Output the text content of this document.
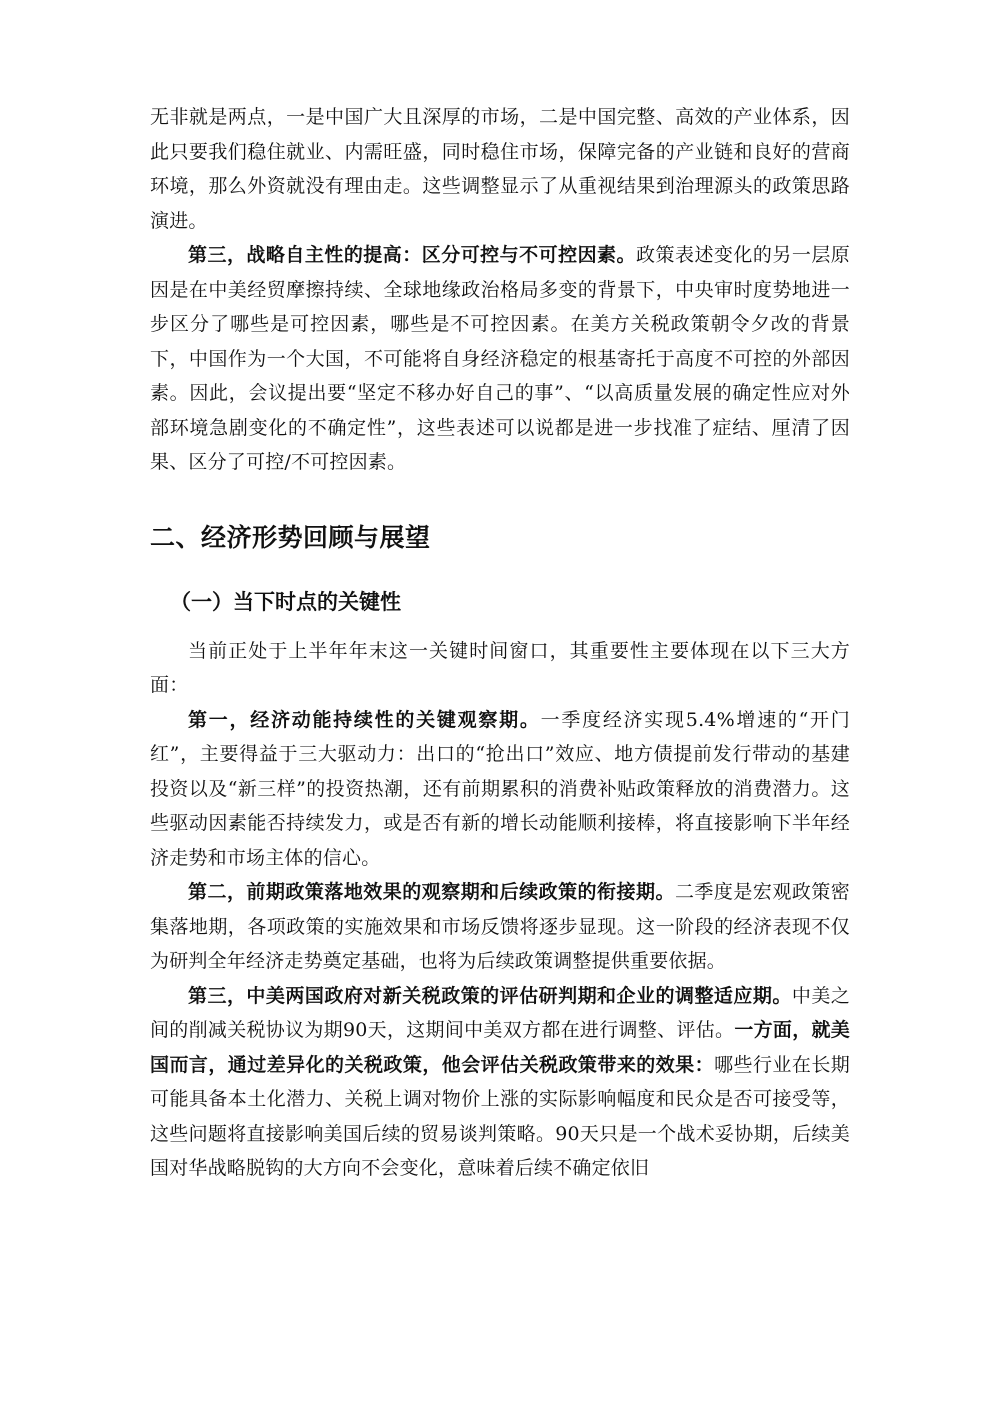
无非就是两点，一是中国广大且深厚的市场，二是中国完整、高效的产业体系，因此只要我们稳住就业、内需旺盛，同时稳住市场，保障完备的产业链和良好的营商环境，那么外资就没有理由走。这些调整显示了从重视结果到治理源头的政策思路演进。

第三，战略自主性的提高：区分可控与不可控因素。政策表述变化的另一层原因是在中美经贸摩擦持续、全球地缘政治格局多变的背景下，中央审时度势地进一步区分了哪些是可控因素，哪些是不可控因素。在美方关税政策朝令夕改的背景下，中国作为一个大国，不可能将自身经济稳定的根基寄托于高度不可控的外部因素。因此，会议提出要“坚定不移办好自己的事”、“以高质量发展的确定性应对外部环境急剧变化的不确定性”，这些表述可以说都是进一步找准了症结、厘清了因果、区分了可控/不可控因素。

二、经济形势回顾与展望
（一）当下时点的关键性

当前正处于上半年年末这一关键时间窗口，其重要性主要体现在以下三大方面：

第一，经济动能持续性的关键观察期。一季度经济实现5.4%增速的“开门红”，主要得益于三大驱动力：出口的“抢出口”效应、地方债提前发行带动的基建投资以及“新三样”的投资热潮，还有前期累积的消费补贴政策释放的消费潜力。这些驱动因素能否持续发力，或是否有新的增长动能顺利接棒，将直接影响下半年经济走势和市场主体的信心。

第二，前期政策落地效果的观察期和后续政策的衔接期。二季度是宏观政策密集落地期，各项政策的实施效果和市场反馈将逐步显现。这一阶段的经济表现不仅为研判全年经济走势奠定基础，也将为后续政策调整提供重要依据。

第三，中美两国政府对新关税政策的评估研判期和企业的调整适应期。中美之间的削减关税协议为期90天，这期间中美双方都在进行调整、评估。一方面，就美国而言，通过差异化的关税政策，他会评估关税政策带来的效果：哪些行业在长期可能具备本土化潜力、关税上调对物价上涨的实际影响幅度和民众是否可接受等，这些问题将直接影响美国后续的贸易谈判策略。90天只是一个战术妥协期，后续美国对华战略脱钩的大方向不会变化，意味着后续不确定依旧
